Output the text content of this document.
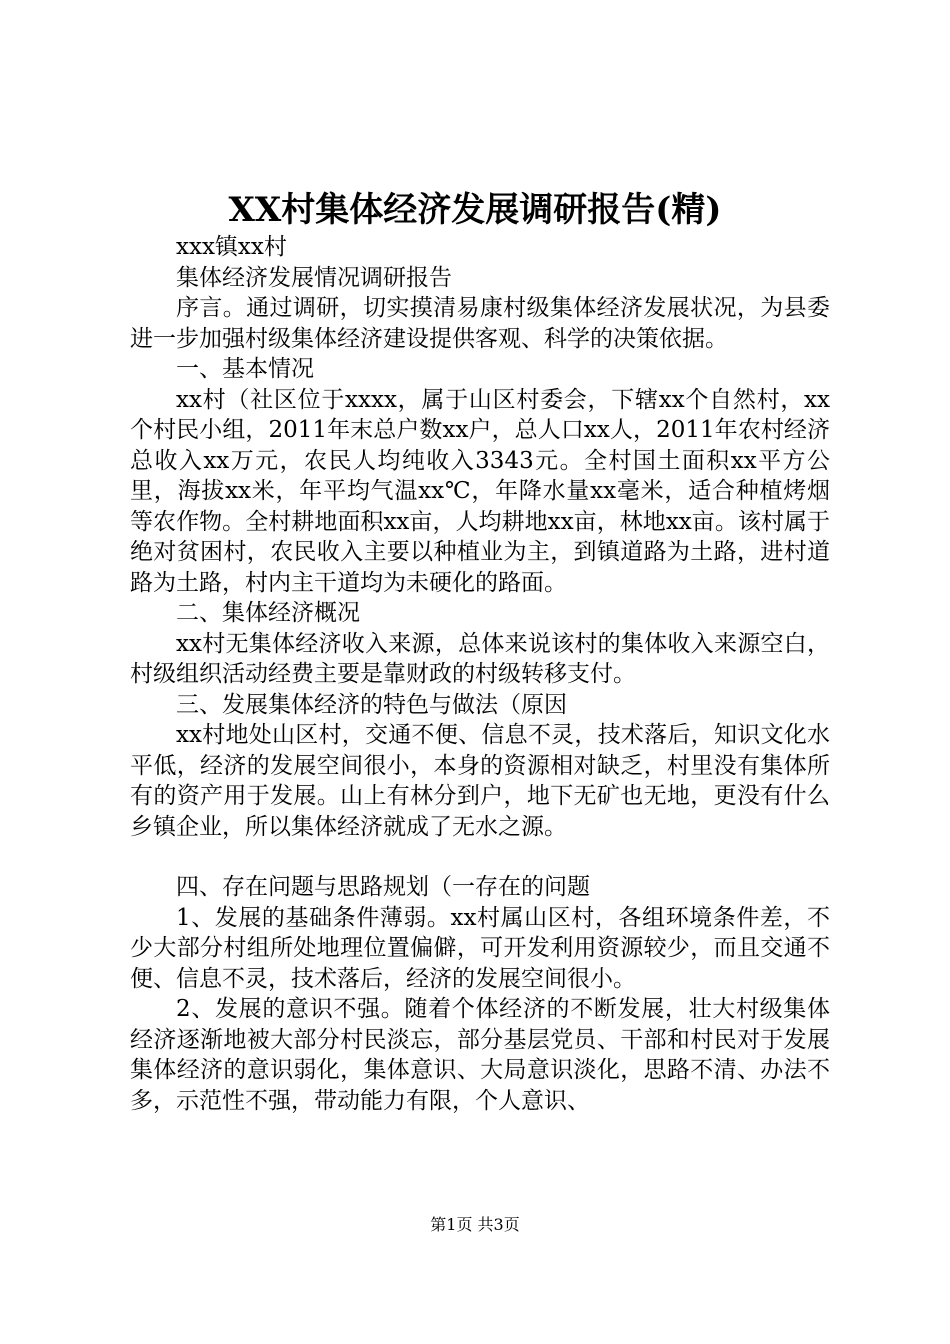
XX村集体经济发展调研报告(精)

xxx镇xx村

集体经济发展情况调研报告

序言。通过调研，切实摸清易康村级集体经济发展状况，为县委进一步加强村级集体经济建设提供客观、科学的决策依据。

一、基本情况

xx村（社区位于xxxx，属于山区村委会，下辖xx个自然村，xx个村民小组，2011年末总户数xx户，总人口xx人，2011年农村经济总收入xx万元，农民人均纯收入3343元。全村国土面积xx平方公里，海拔xx米，年平均气温xx℃，年降水量xx毫米，适合种植烤烟等农作物。全村耕地面积xx亩，人均耕地xx亩，林地xx亩。该村属于绝对贫困村，农民收入主要以种植业为主，到镇道路为土路，进村道路为土路，村内主干道均为未硬化的路面。

二、集体经济概况

xx村无集体经济收入来源，总体来说该村的集体收入来源空白，村级组织活动经费主要是靠财政的村级转移支付。

三、发展集体经济的特色与做法（原因

xx村地处山区村，交通不便、信息不灵，技术落后，知识文化水平低，经济的发展空间很小，本身的资源相对缺乏，村里没有集体所有的资产用于发展。山上有林分到户，地下无矿也无地，更没有什么乡镇企业，所以集体经济就成了无水之源。

四、存在问题与思路规划（一存在的问题

1、发展的基础条件薄弱。xx村属山区村，各组环境条件差，不少大部分村组所处地理位置偏僻，可开发利用资源较少，而且交通不便、信息不灵，技术落后，经济的发展空间很小。

2、发展的意识不强。随着个体经济的不断发展，壮大村级集体经济逐渐地被大部分村民淡忘，部分基层党员、干部和村民对于发展集体经济的意识弱化，集体意识、大局意识淡化，思路不清、办法不多，示范性不强，带动能力有限，个人意识、

第1页 共3页
